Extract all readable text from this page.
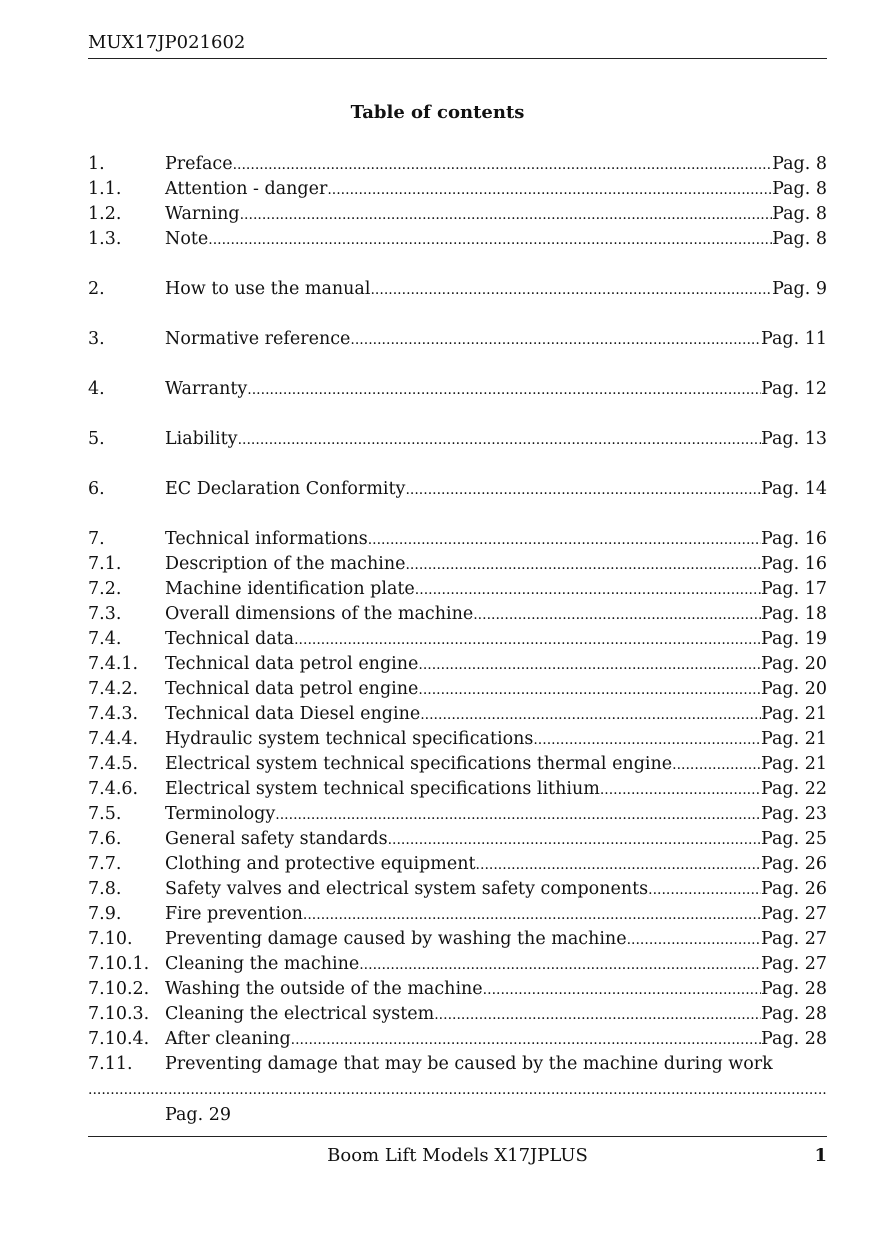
MUX17JP021602
Table of contents
1.	Preface .....	Pag. 8
1.1.	Attention - danger .....	Pag. 8
1.2.	Warning .....	Pag. 8
1.3.	Note .....	Pag. 8
2.	How to use the manual .....	Pag. 9
3.	Normative reference .....	Pag. 11
4.	Warranty .....	Pag. 12
5.	Liability .....	Pag. 13
6.	EC Declaration Conformity .....	Pag. 14
7.	Technical informations .....	Pag. 16
7.1.	Description of the machine .....	Pag. 16
7.2.	Machine identification plate .....	Pag. 17
7.3.	Overall dimensions of the machine .....	Pag. 18
7.4.	Technical data .....	Pag. 19
7.4.1.	Technical data petrol engine .....	Pag. 20
7.4.2.	Technical data petrol engine .....	Pag. 20
7.4.3.	Technical data Diesel engine .....	Pag. 21
7.4.4.	Hydraulic system technical specifications .....	Pag. 21
7.4.5.	Electrical system technical specifications thermal engine .....	Pag. 21
7.4.6.	Electrical system technical specifications lithium .....	Pag. 22
7.5.	Terminology .....	Pag. 23
7.6.	General safety standards .....	Pag. 25
7.7.	Clothing and protective equipment .....	Pag. 26
7.8.	Safety valves and electrical system safety components .....	Pag. 26
7.9.	Fire prevention .....	Pag. 27
7.10.	Preventing damage caused by washing the machine .....	Pag. 27
7.10.1. Cleaning the machine .....	Pag. 27
7.10.2. Washing the outside of the machine .....	Pag. 28
7.10.3. Cleaning the electrical system .....	Pag. 28
7.10.4. After cleaning .....	Pag. 28
7.11.	Preventing damage that may be caused by the machine during work
.....
Pag. 29
Boom Lift Models X17JPLUS	1
